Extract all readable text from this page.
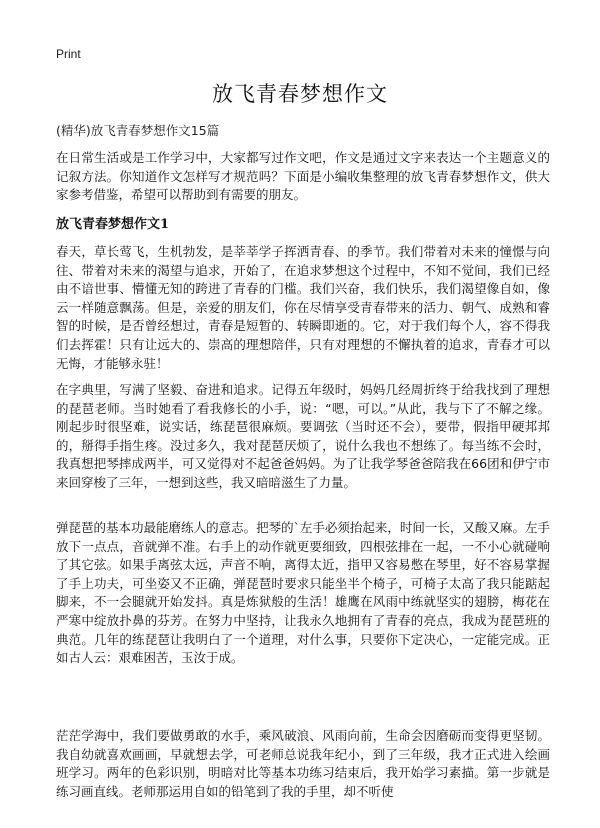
Print
放飞青春梦想作文

(精华)放飞青春梦想作文15篇

在日常生活或是工作学习中，大家都写过作文吧，作文是通过文字来表达一个主题意义的记叙方法。你知道作文怎样写才规范吗？下面是小编收集整理的放飞青春梦想作文，供大家参考借鉴，希望可以帮助到有需要的朋友。

放飞青春梦想作文1

春天，草长莺飞，生机勃发，是莘莘学子挥洒青春、的季节。我们带着对未来的憧憬与向往、带着对未来的渴望与追求，开始了，在追求梦想这个过程中，不知不觉间，我们已经由不谙世事、懵懂无知的跨进了青春的门槛。我们兴奋，我们快乐，我们渴望像自如，像云一样随意飘荡。但是，亲爱的朋友们，你在尽情享受青春带来的活力、朝气、成熟和睿智的时候，是否曾经想过，青春是短暂的、转瞬即逝的。它，对于我们每个人，容不得我们去挥霍！只有让远大的、崇高的理想陪伴，只有对理想的不懈执着的追求，青春才可以无悔，才能够永驻！

在字典里，写满了坚毅、奋进和追求。记得五年级时，妈妈几经周折终于给我找到了理想的琵琶老师。当时她看了看我修长的小手，说：“嗯，可以。”从此，我与下了不解之缘。刚起步时很坚难，说实话，练琵琶很麻烦。要调弦（当时还不会），要带，假指甲硬邦邦的，掰得手指生疼。没过多久，我对琵琶厌烦了，说什么我也不想练了。每当练不会时，我真想把琴摔成两半，可又觉得对不起爸爸妈妈。为了让我学琴爸爸陪我在66团和伊宁市来回穿梭了三年，一想到这些，我又暗暗滋生了力量。

弹琵琶的基本功最能磨练人的意志。把琴的`左手必须抬起来，时间一长，又酸又麻。左手放下一点点，音就弹不准。右手上的动作就更要细致，四根弦排在一起，一不小心就碰响了其它弦。如果手离弦太远，声音不响，离得太近，指甲又容易憋在琴里，好不容易掌握了手上功夫，可坐姿又不正确，弹琵琶时要求只能坐半个椅子，可椅子太高了我只能踮起脚来，不一会腿就开始发抖。真是炼狱般的生活！雄鹰在风雨中练就坚实的翅膀，梅花在严寒中绽放扑鼻的芬芳。在努力中坚持，让我永久地拥有了青春的亮点，我成为琵琶班的典范。几年的练琵琶让我明白了一个道理，对什么事，只要你下定决心，一定能完成。正如古人云：艰难困苦，玉汝于成。

茫茫学海中，我们要做勇敢的水手，乘风破浪、风雨向前，生命会因磨砺而变得更坚韧。我自幼就喜欢画画，早就想去学，可老师总说我年纪小，到了三年级，我才正式进入绘画班学习。两年的色彩识别，明暗对比等基本功练习结束后，我开始学习素描。第一步就是练习画直线。老师那运用自如的铅笔到了我的手里，却不听使
